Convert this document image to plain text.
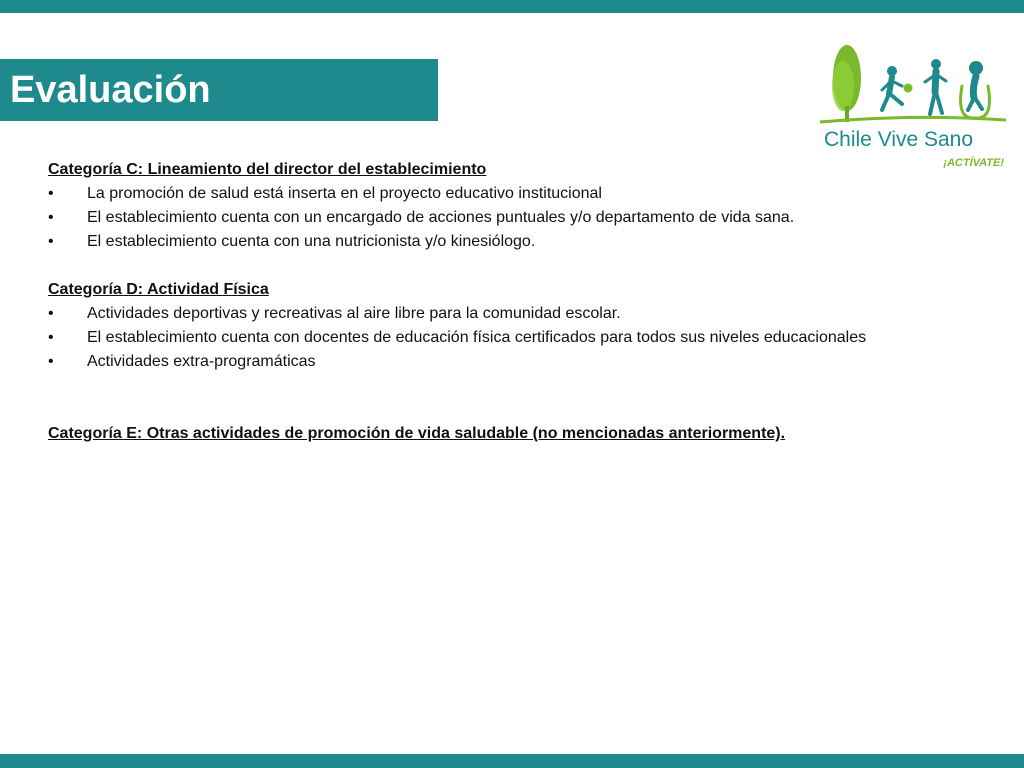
Evaluación
Chile Vive Sano
¡ACTÍVATE!
Categoría C: Lineamiento del director del establecimiento
•	La promoción de salud está inserta en el proyecto educativo institucional
•	El establecimiento cuenta con un encargado de acciones puntuales y/o departamento de vida sana.
•	El establecimiento cuenta con una nutricionista y/o kinesiólogo.
Categoría D: Actividad Física
•	Actividades deportivas y recreativas al aire libre para la comunidad escolar.
•	El establecimiento cuenta con docentes de educación física certificados para todos sus niveles educacionales
•	Actividades extra-programáticas
Categoría E: Otras actividades de promoción de vida saludable (no mencionadas anteriormente).
